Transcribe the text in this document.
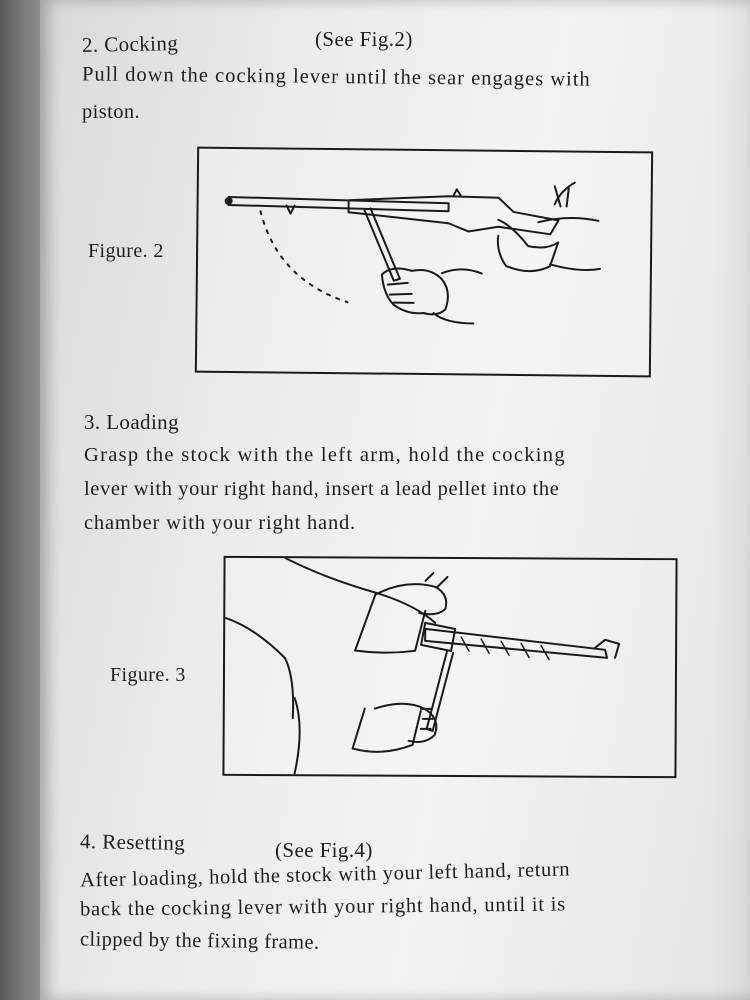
2. Cocking	(See Fig.2)
Pull down the cocking lever until the sear engages with
piston.
Figure. 2
3. Loading
Grasp the stock with the left arm, hold the cocking
lever with your right hand, insert a lead pellet into the
chamber with your right hand.
Figure. 3
4. Resetting	(See Fig.4)
After loading, hold the stock with your left hand, return
back the cocking lever with your right hand, until it is
clipped by the fixing frame.
